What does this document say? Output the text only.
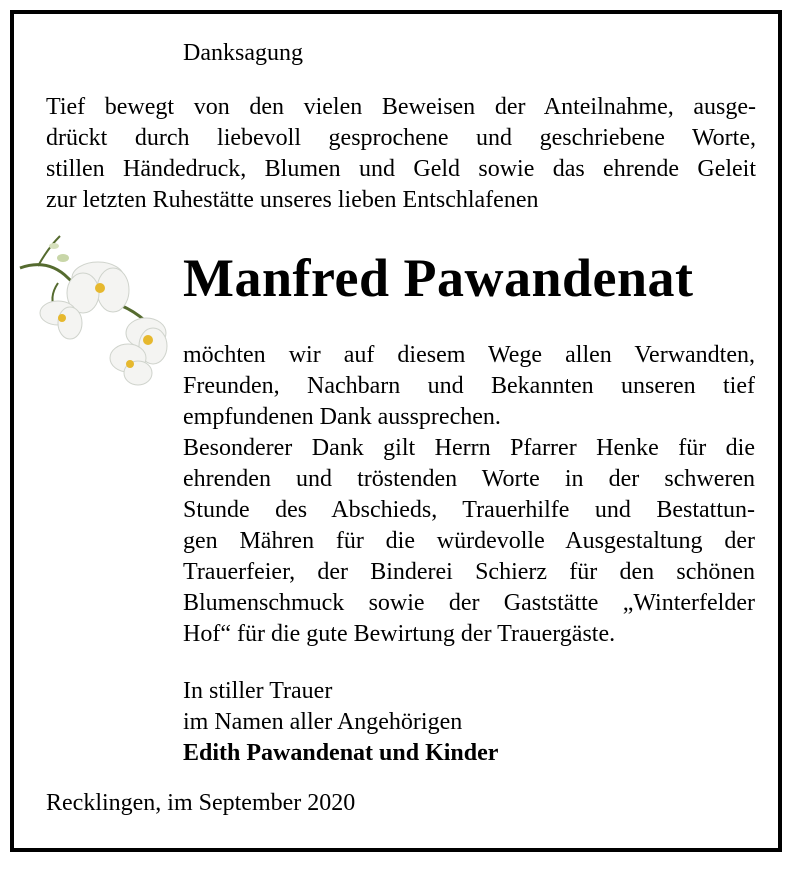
Danksagung
Tief bewegt von den vielen Beweisen der Anteilnahme, ausge-
drückt durch liebevoll gesprochene und geschriebene Worte,
stillen Händedruck, Blumen und Geld sowie das ehrende Geleit
zur letzten Ruhestätte unseres lieben Entschlafenen
Manfred Pawandenat
möchten wir auf diesem Wege allen Verwandten,
Freunden, Nachbarn und Bekannten unseren tief
empfundenen Dank aussprechen.
Besonderer Dank gilt Herrn Pfarrer Henke für die
ehrenden und tröstenden Worte in der schweren
Stunde des Abschieds, Trauerhilfe und Bestattun-
gen Mähren für die würdevolle Ausgestaltung der
Trauerfeier, der Binderei Schierz für den schönen
Blumenschmuck sowie der Gaststätte „Winterfelder
Hof“ für die gute Bewirtung der Trauergäste.
In stiller Trauer
im Namen aller Angehörigen
Edith Pawandenat und Kinder
Recklingen, im September 2020
